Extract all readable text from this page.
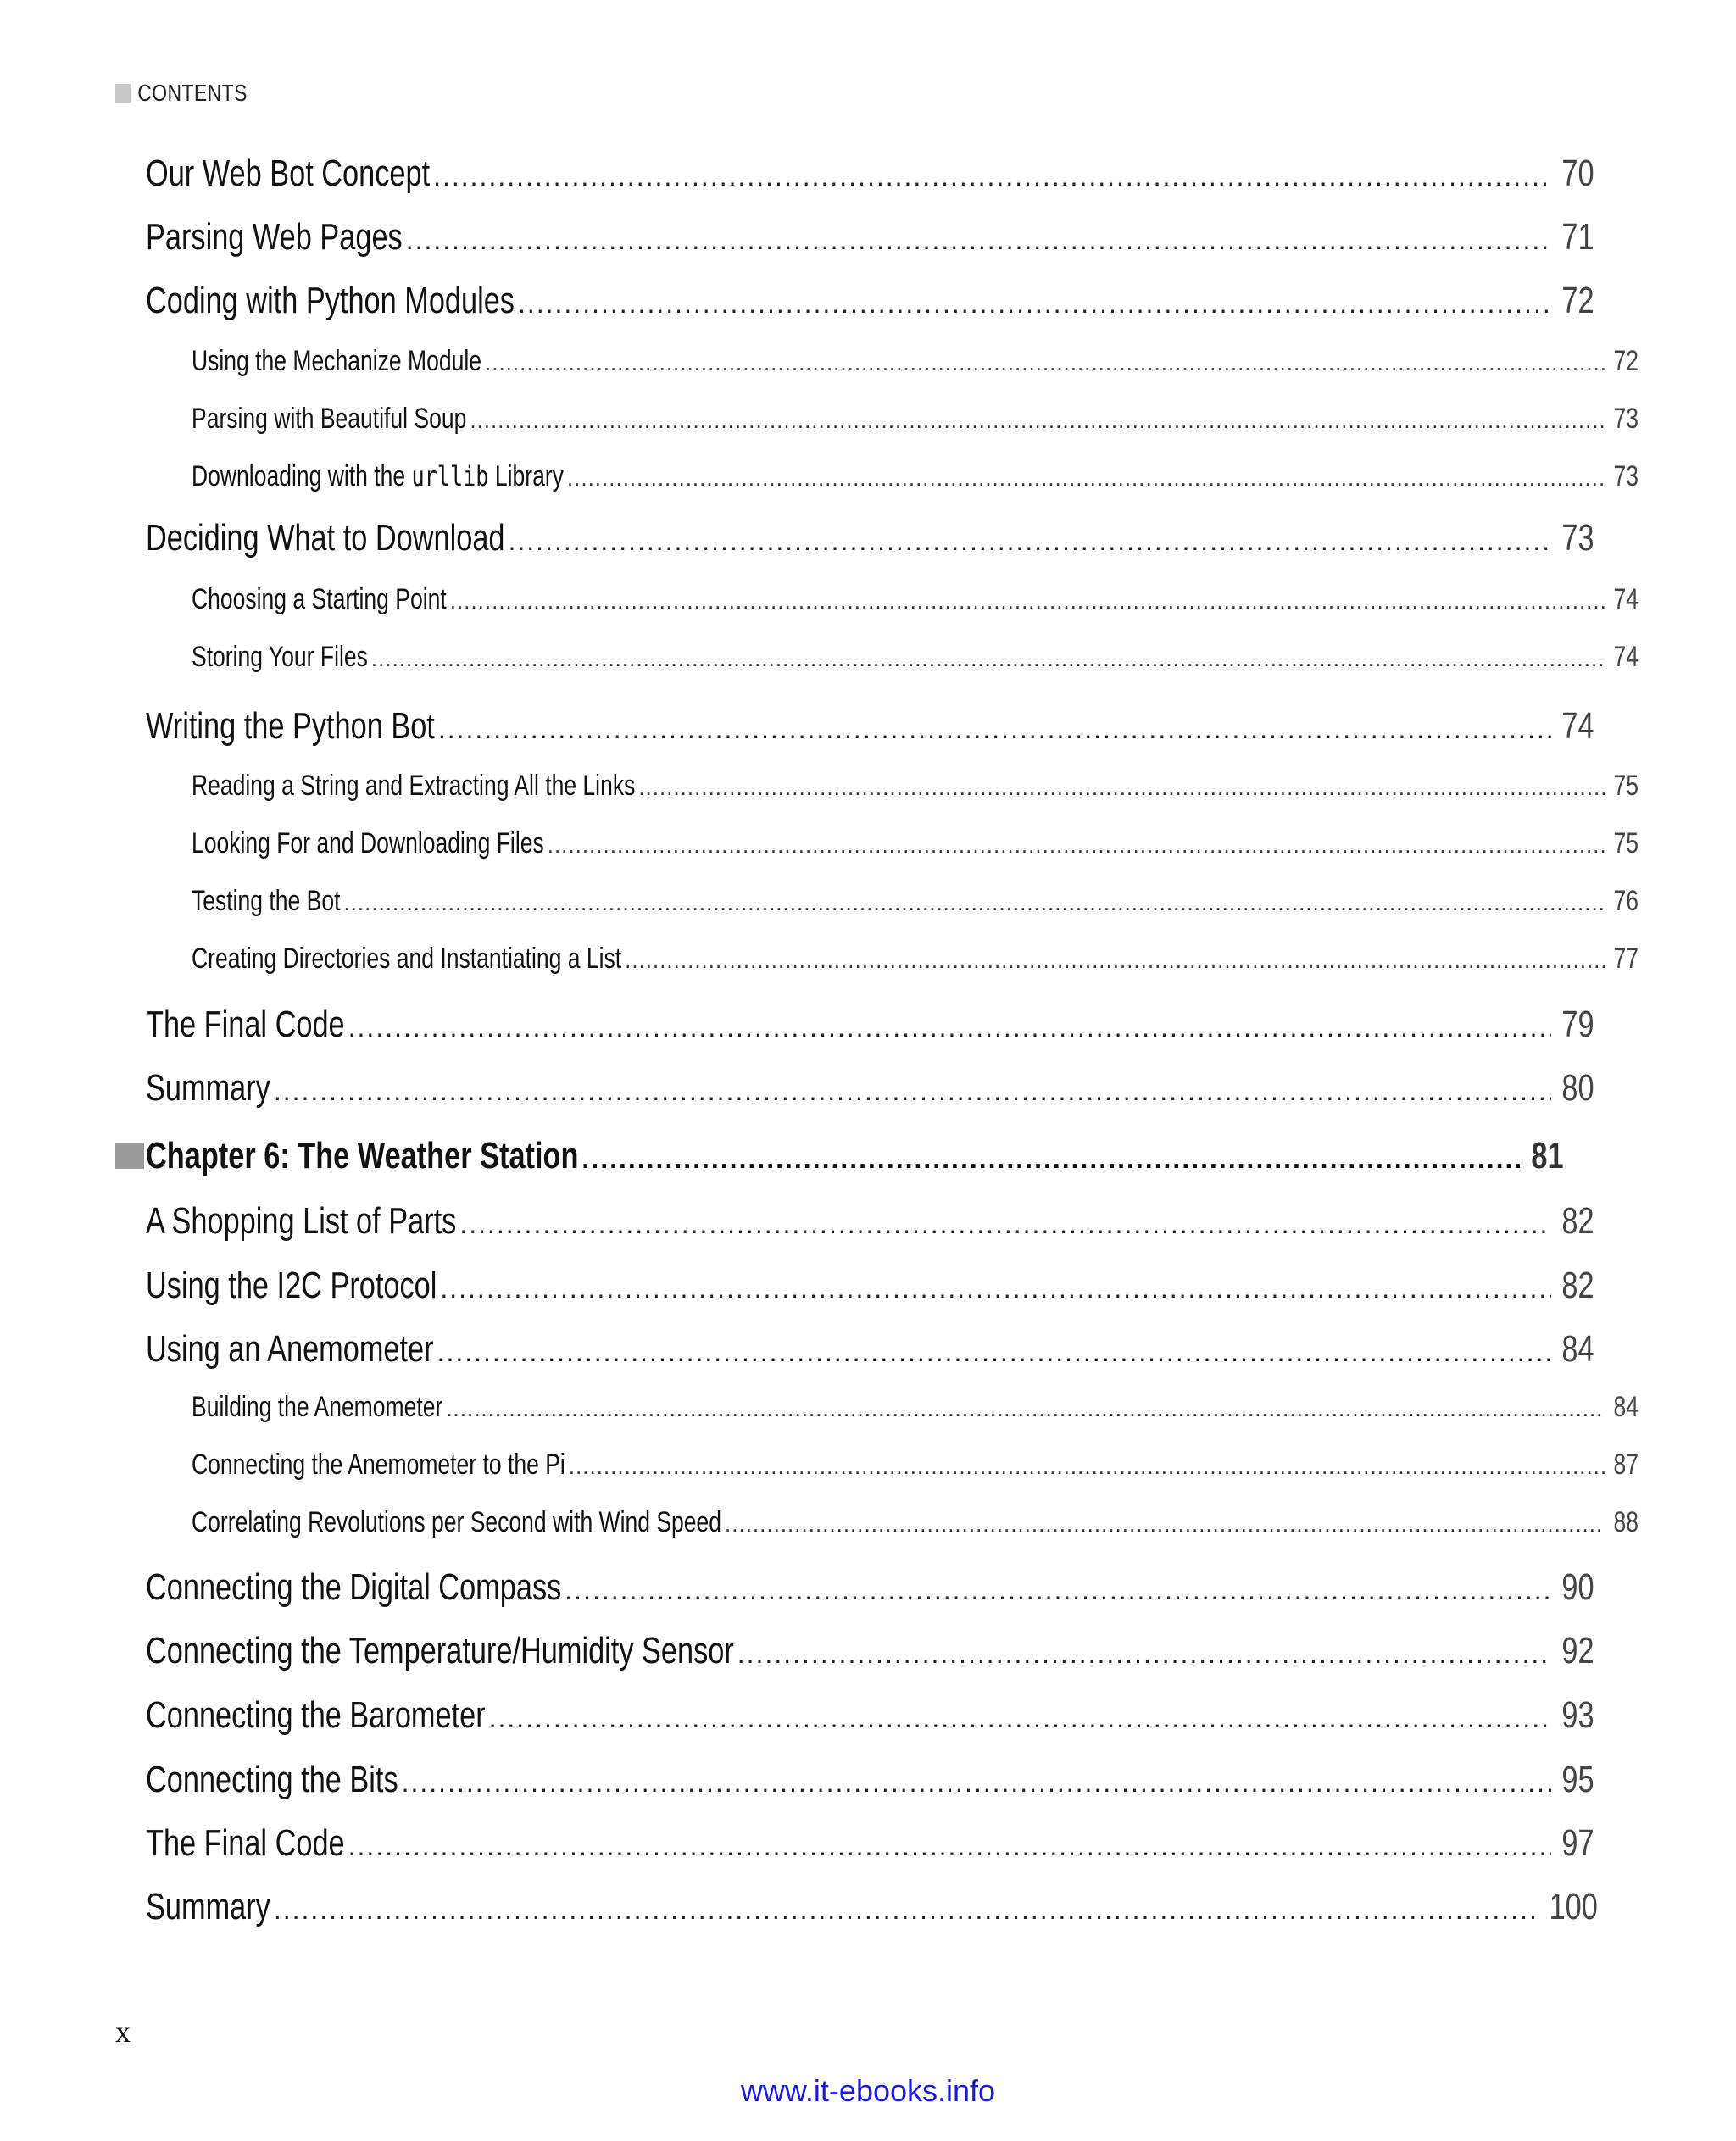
CONTENTS
Our Web Bot Concept .....	70
Parsing Web Pages .....	71
Coding with Python Modules .....	72
Using the Mechanize Module .....	72
Parsing with Beautiful Soup .....	73
Downloading with the urllib Library .....	73
Deciding What to Download .....	73
Choosing a Starting Point .....	74
Storing Your Files .....	74
Writing the Python Bot .....	74
Reading a String and Extracting All the Links .....	75
Looking For and Downloading Files .....	75
Testing the Bot .....	76
Creating Directories and Instantiating a List .....	77
The Final Code .....	79
Summary .....	80
Chapter 6: The Weather Station .....	81
A Shopping List of Parts .....	82
Using the I2C Protocol .....	82
Using an Anemometer .....	84
Building the Anemometer .....	84
Connecting the Anemometer to the Pi .....	87
Correlating Revolutions per Second with Wind Speed .....	88
Connecting the Digital Compass .....	90
Connecting the Temperature/Humidity Sensor .....	92
Connecting the Barometer .....	93
Connecting the Bits .....	95
The Final Code .....	97
Summary .....	100
x
www.it-ebooks.info
